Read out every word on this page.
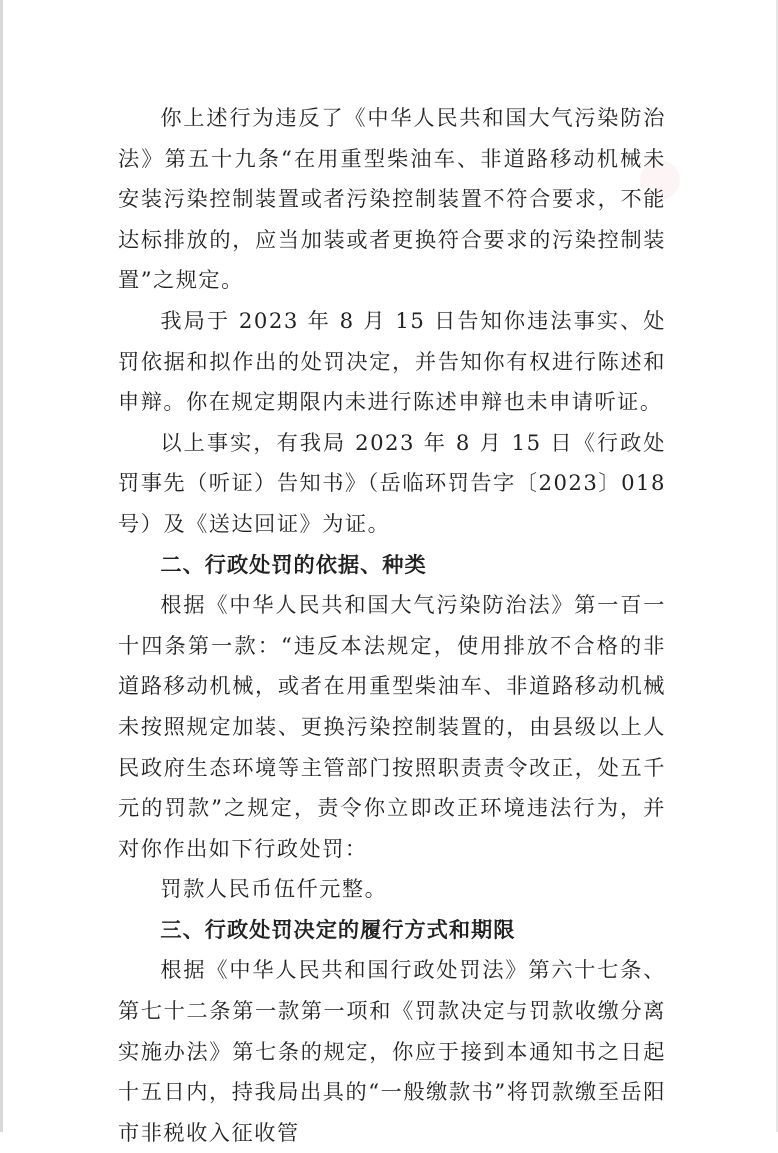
你上述行为违反了《中华人民共和国大气污染防治法》第五十九条“在用重型柴油车、非道路移动机械未安装污染控制装置或者污染控制装置不符合要求，不能达标排放的，应当加装或者更换符合要求的污染控制装置”之规定。

我局于 2023 年 8 月 15 日告知你违法事实、处罚依据和拟作出的处罚决定，并告知你有权进行陈述和申辩。你在规定期限内未进行陈述申辩也未申请听证。

以上事实，有我局 2023 年 8 月 15 日《行政处罚事先（听证）告知书》（岳临环罚告字〔2023〕018 号）及《送达回证》为证。

二、行政处罚的依据、种类

根据《中华人民共和国大气污染防治法》第一百一十四条第一款：“违反本法规定，使用排放不合格的非道路移动机械，或者在用重型柴油车、非道路移动机械未按照规定加装、更换污染控制装置的，由县级以上人民政府生态环境等主管部门按照职责责令改正，处五千元的罚款”之规定，责令你立即改正环境违法行为，并对你作出如下行政处罚：

罚款人民币伍仟元整。

三、行政处罚决定的履行方式和期限

根据《中华人民共和国行政处罚法》第六十七条、第七十二条第一款第一项和《罚款决定与罚款收缴分离实施办法》第七条的规定，你应于接到本通知书之日起十五日内，持我局出具的“一般缴款书”将罚款缴至岳阳市非税收入征收管
